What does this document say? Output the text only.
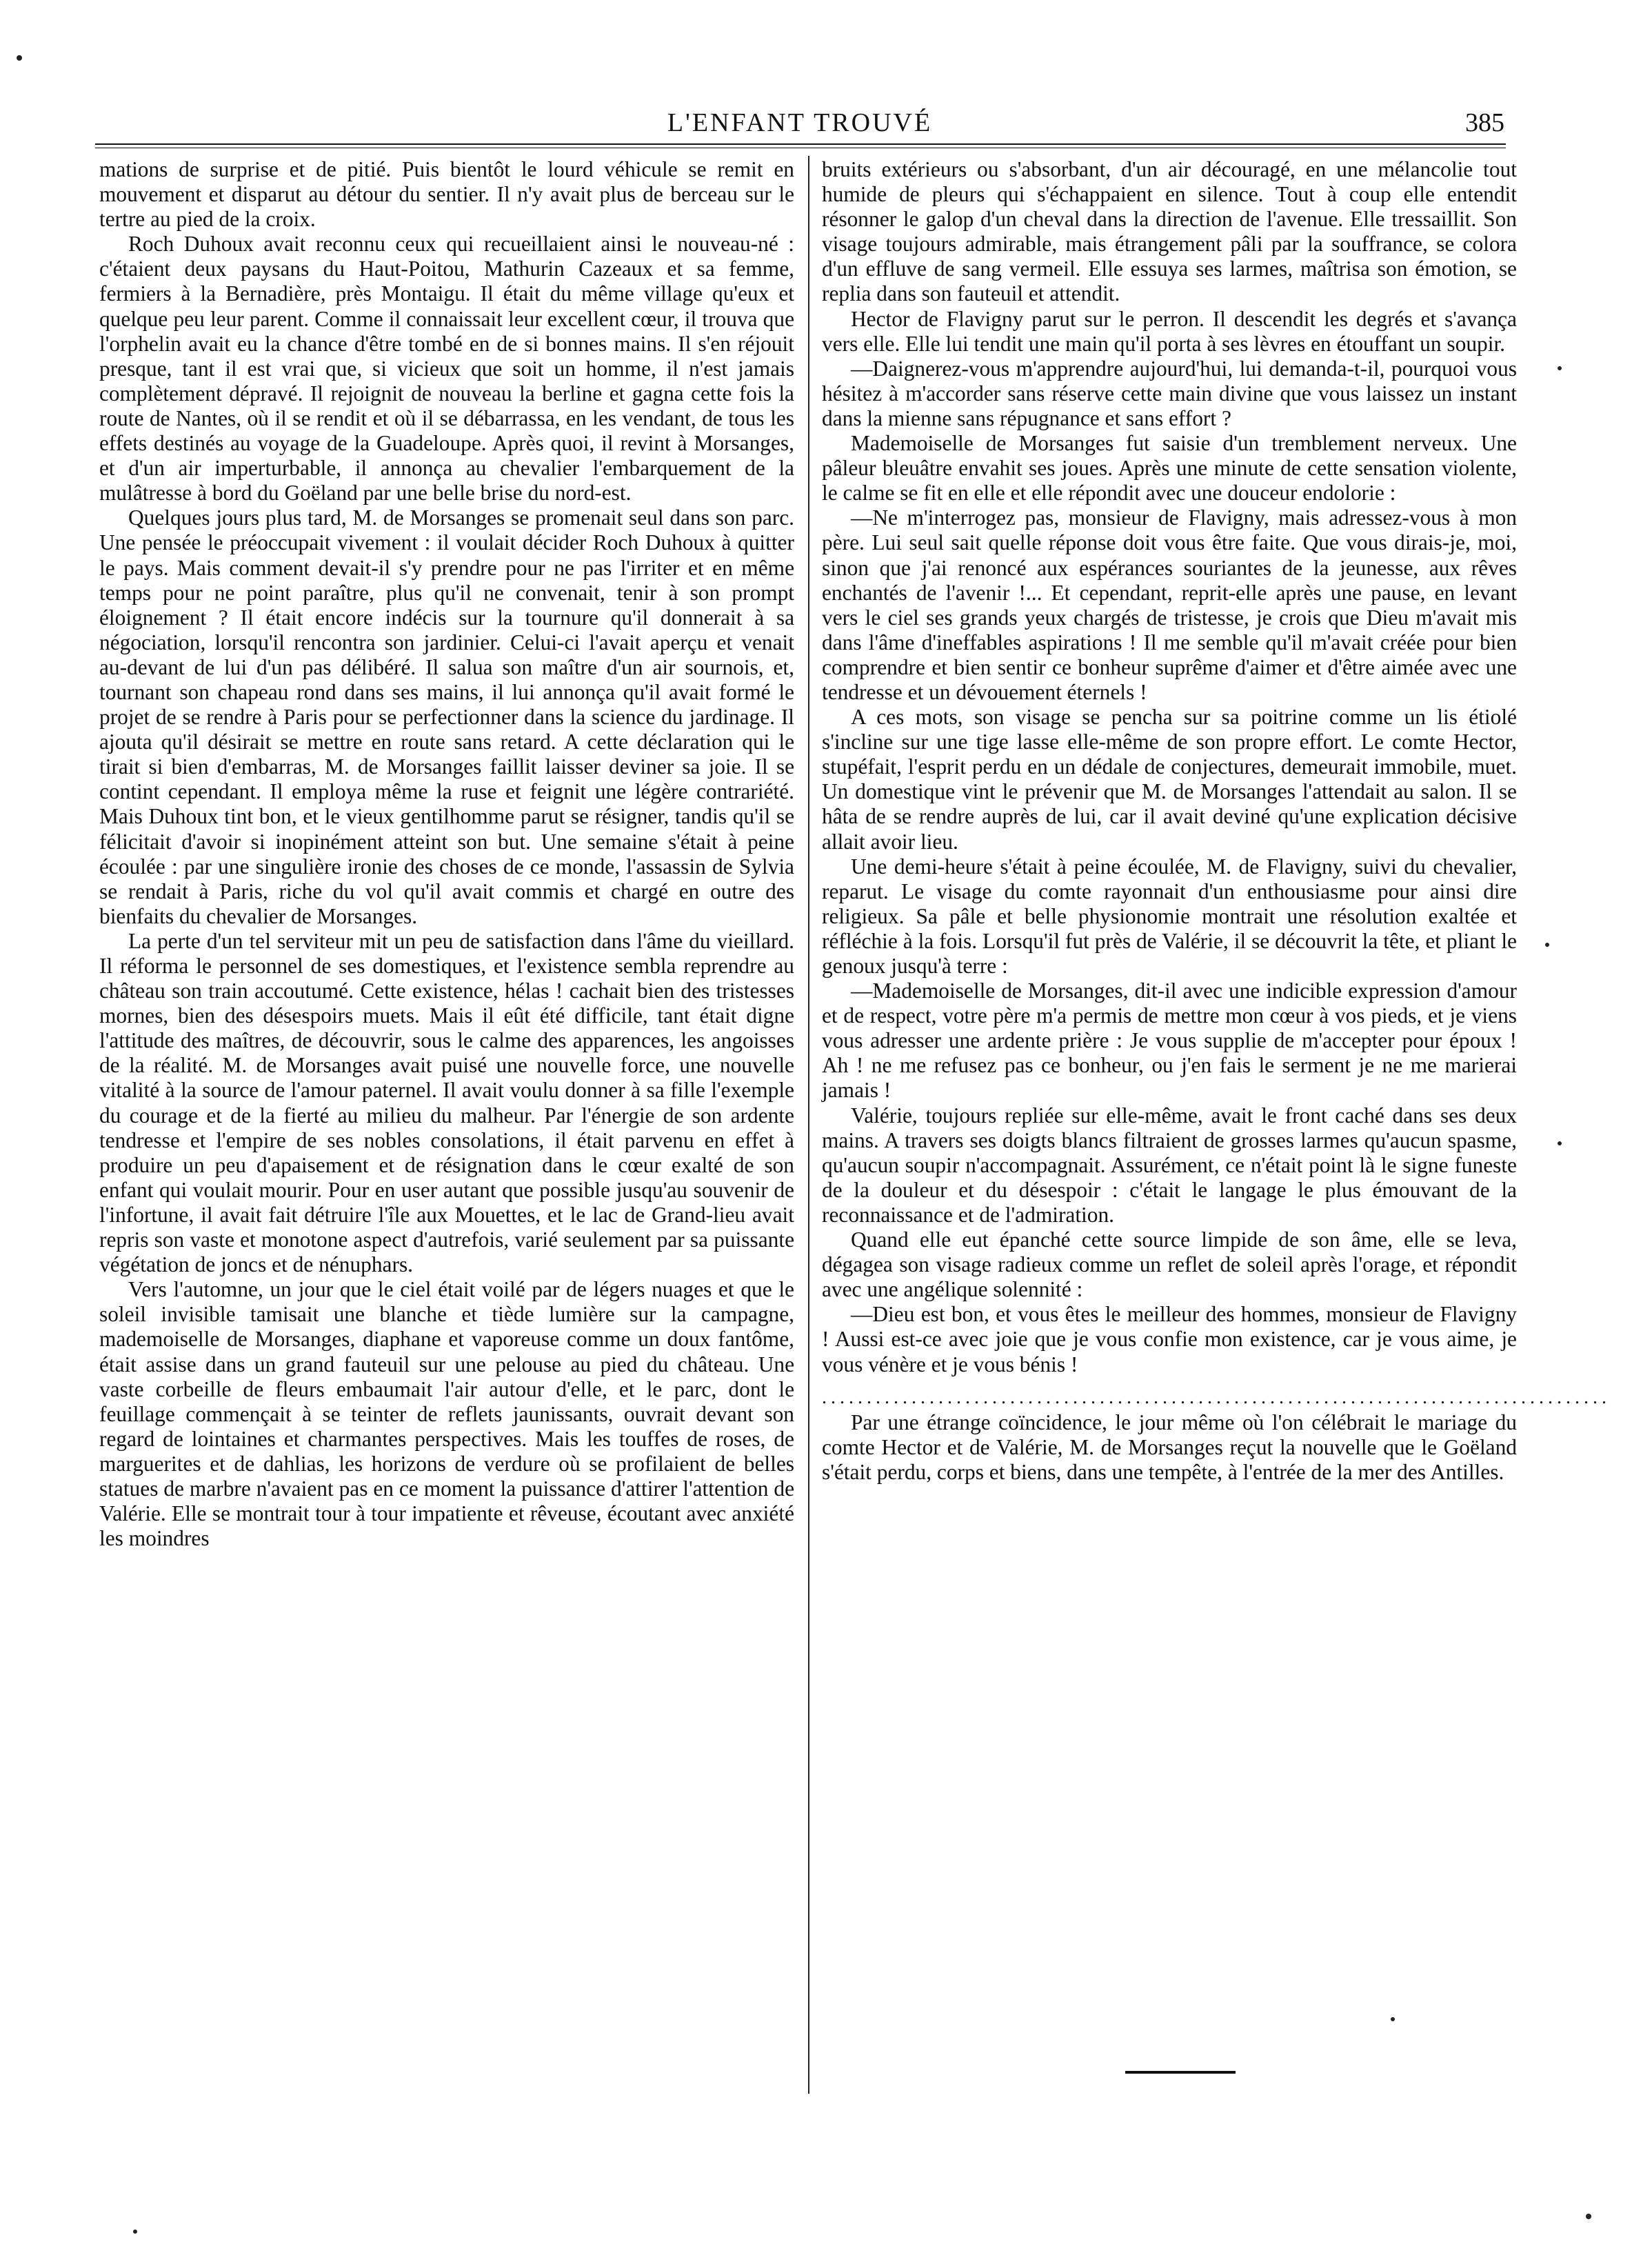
L'ENFANT TROUVÉ	385

mations de surprise et de pitié. Puis bientôt le lourd véhicule se remit en mouvement et disparut au détour du sentier. Il n'y avait plus de berceau sur le tertre au pied de la croix.

Roch Duhoux avait reconnu ceux qui recueillaient ainsi le nouveau-né : c'étaient deux paysans du Haut-Poitou, Mathurin Cazeaux et sa femme, fermiers à la Bernadière, près Montaigu. Il était du même village qu'eux et quelque peu leur parent. Comme il connaissait leur excellent cœur, il trouva que l'orphelin avait eu la chance d'être tombé en de si bonnes mains. Il s'en réjouit presque, tant il est vrai que, si vicieux que soit un homme, il n'est jamais complètement dépravé. Il rejoignit de nouveau la berline et gagna cette fois la route de Nantes, où il se rendit et où il se débarrassa, en les vendant, de tous les effets destinés au voyage de la Guadeloupe. Après quoi, il revint à Morsanges, et d'un air imperturbable, il annonça au chevalier l'embarquement de la mulâtresse à bord du Goëland par une belle brise du nord-est.

Quelques jours plus tard, M. de Morsanges se promenait seul dans son parc. Une pensée le préoccupait vivement : il voulait décider Roch Duhoux à quitter le pays. Mais comment devait-il s'y prendre pour ne pas l'irriter et en même temps pour ne point paraître, plus qu'il ne convenait, tenir à son prompt éloignement ? Il était encore indécis sur la tournure qu'il donnerait à sa négociation, lorsqu'il rencontra son jardinier. Celui-ci l'avait aperçu et venait au-devant de lui d'un pas délibéré. Il salua son maître d'un air sournois, et, tournant son chapeau rond dans ses mains, il lui annonça qu'il avait formé le projet de se rendre à Paris pour se perfectionner dans la science du jardinage. Il ajouta qu'il désirait se mettre en route sans retard. A cette déclaration qui le tirait si bien d'embarras, M. de Morsanges faillit laisser deviner sa joie. Il se contint cependant. Il employa même la ruse et feignit une légère contrariété. Mais Duhoux tint bon, et le vieux gentilhomme parut se résigner, tandis qu'il se félicitait d'avoir si inopinément atteint son but. Une semaine s'était à peine écoulée : par une singulière ironie des choses de ce monde, l'assassin de Sylvia se rendait à Paris, riche du vol qu'il avait commis et chargé en outre des bienfaits du chevalier de Morsanges.

La perte d'un tel serviteur mit un peu de satisfaction dans l'âme du vieillard. Il réforma le personnel de ses domestiques, et l'existence sembla reprendre au château son train accoutumé. Cette existence, hélas ! cachait bien des tristesses mornes, bien des désespoirs muets. Mais il eût été difficile, tant était digne l'attitude des maîtres, de découvrir, sous le calme des apparences, les angoisses de la réalité. M. de Morsanges avait puisé une nouvelle force, une nouvelle vitalité à la source de l'amour paternel. Il avait voulu donner à sa fille l'exemple du courage et de la fierté au milieu du malheur. Par l'énergie de son ardente tendresse et l'empire de ses nobles consolations, il était parvenu en effet à produire un peu d'apaisement et de résignation dans le cœur exalté de son enfant qui voulait mourir. Pour en user autant que possible jusqu'au souvenir de l'infortune, il avait fait détruire l'île aux Mouettes, et le lac de Grand-lieu avait repris son vaste et monotone aspect d'autrefois, varié seulement par sa puissante végétation de joncs et de nénuphars.

Vers l'automne, un jour que le ciel était voilé par de légers nuages et que le soleil invisible tamisait une blanche et tiède lumière sur la campagne, mademoiselle de Morsanges, diaphane et vaporeuse comme un doux fantôme, était assise dans un grand fauteuil sur une pelouse au pied du château. Une vaste corbeille de fleurs embaumait l'air autour d'elle, et le parc, dont le feuillage commençait à se teinter de reflets jaunissants, ouvrait devant son regard de lointaines et charmantes perspectives. Mais les touffes de roses, de marguerites et de dahlias, les horizons de verdure où se profilaient de belles statues de marbre n'avaient pas en ce moment la puissance d'attirer l'attention de Valérie. Elle se montrait tour à tour impatiente et rêveuse, écoutant avec anxiété les moindres

bruits extérieurs ou s'absorbant, d'un air découragé, en une mélancolie tout humide de pleurs qui s'échappaient en silence. Tout à coup elle entendit résonner le galop d'un cheval dans la direction de l'avenue. Elle tressaillit. Son visage toujours admirable, mais étrangement pâli par la souffrance, se colora d'un effluve de sang vermeil. Elle essuya ses larmes, maîtrisa son émotion, se replia dans son fauteuil et attendit.

Hector de Flavigny parut sur le perron. Il descendit les degrés et s'avança vers elle. Elle lui tendit une main qu'il porta à ses lèvres en étouffant un soupir.

—Daignerez-vous m'apprendre aujourd'hui, lui demanda-t-il, pourquoi vous hésitez à m'accorder sans réserve cette main divine que vous laissez un instant dans la mienne sans répugnance et sans effort ?

Mademoiselle de Morsanges fut saisie d'un tremblement nerveux. Une pâleur bleuâtre envahit ses joues. Après une minute de cette sensation violente, le calme se fit en elle et elle répondit avec une douceur endolorie :

—Ne m'interrogez pas, monsieur de Flavigny, mais adressez-vous à mon père. Lui seul sait quelle réponse doit vous être faite. Que vous dirais-je, moi, sinon que j'ai renoncé aux espérances souriantes de la jeunesse, aux rêves enchantés de l'avenir !... Et cependant, reprit-elle après une pause, en levant vers le ciel ses grands yeux chargés de tristesse, je crois que Dieu m'avait mis dans l'âme d'ineffables aspirations ! Il me semble qu'il m'avait créée pour bien comprendre et bien sentir ce bonheur suprême d'aimer et d'être aimée avec une tendresse et un dévouement éternels !

A ces mots, son visage se pencha sur sa poitrine comme un lis étiolé s'incline sur une tige lasse elle-même de son propre effort. Le comte Hector, stupéfait, l'esprit perdu en un dédale de conjectures, demeurait immobile, muet. Un domestique vint le prévenir que M. de Morsanges l'attendait au salon. Il se hâta de se rendre auprès de lui, car il avait deviné qu'une explication décisive allait avoir lieu.

Une demi-heure s'était à peine écoulée, M. de Flavigny, suivi du chevalier, reparut. Le visage du comte rayonnait d'un enthousiasme pour ainsi dire religieux. Sa pâle et belle physionomie montrait une résolution exaltée et réfléchie à la fois. Lorsqu'il fut près de Valérie, il se découvrit la tête, et pliant le genoux jusqu'à terre :

—Mademoiselle de Morsanges, dit-il avec une indicible expression d'amour et de respect, votre père m'a permis de mettre mon cœur à vos pieds, et je viens vous adresser une ardente prière : Je vous supplie de m'accepter pour époux ! Ah ! ne me refusez pas ce bonheur, ou j'en fais le serment je ne me marierai jamais !

Valérie, toujours repliée sur elle-même, avait le front caché dans ses deux mains. A travers ses doigts blancs filtraient de grosses larmes qu'aucun spasme, qu'aucun soupir n'accompagnait. Assurément, ce n'était point là le signe funeste de la douleur et du désespoir : c'était le langage le plus émouvant de la reconnaissance et de l'admiration.

Quand elle eut épanché cette source limpide de son âme, elle se leva, dégagea son visage radieux comme un reflet de soleil après l'orage, et répondit avec une angélique solennité :

—Dieu est bon, et vous êtes le meilleur des hommes, monsieur de Flavigny ! Aussi est-ce avec joie que je vous confie mon existence, car je vous aime, je vous vénère et je vous bénis !

........................................................................................

Par une étrange coïncidence, le jour même où l'on célébrait le mariage du comte Hector et de Valérie, M. de Morsanges reçut la nouvelle que le Goëland s'était perdu, corps et biens, dans une tempête, à l'entrée de la mer des Antilles.
